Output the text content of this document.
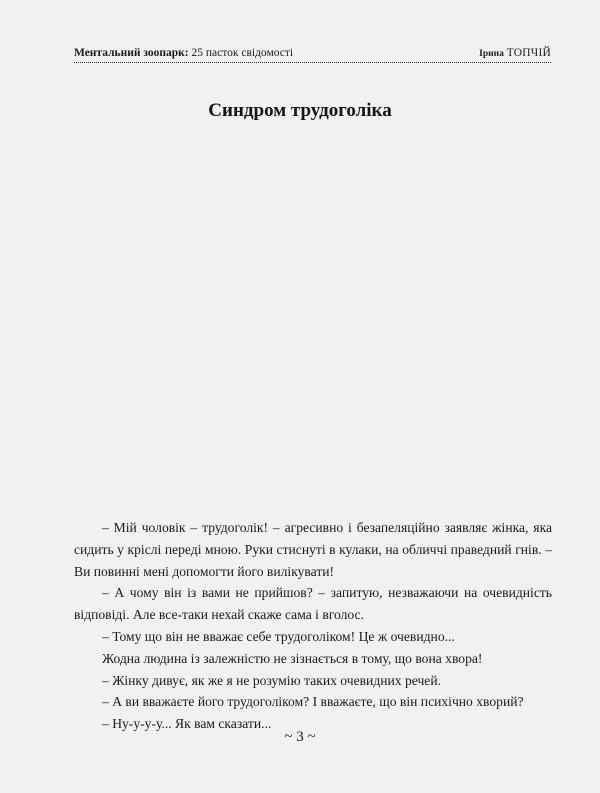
Ментальний зоопарк: 25 пасток свідомості	Ірина ТОПЧІЙ
Синдром трудоголіка

– Мій чоловік – трудоголік! – агресивно і безапеляційно заявляє жінка, яка сидить у кріслі переді мною. Руки стиснуті в кулаки, на обличчі праведний гнів. – Ви повинні мені допомогти його вилікувати!

– А чому він із вами не прийшов? – запитую, незважаючи на очевидність відповіді. Але все-таки нехай скаже сама і вголос.

– Тому що він не вважає себе трудоголіком! Це ж очевидно...

Жодна людина із залежністю не зізнається в тому, що вона хвора!

– Жінку дивує, як же я не розумію таких очевидних речей.

– А ви вважаєте його трудоголіком? І вважаєте, що він психічно хворий?

– Ну-у-у-у... Як вам сказати...

~ 3 ~
